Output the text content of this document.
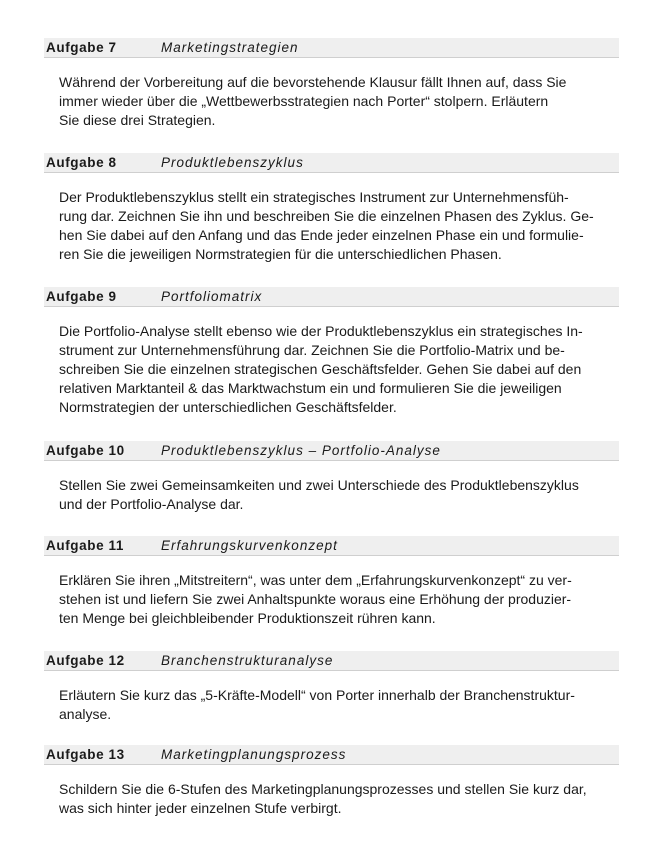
Aufgabe 7	Marketingstrategien
Während der Vorbereitung auf die bevorstehende Klausur fällt Ihnen auf, dass Sie
immer wieder über die „Wettbewerbsstrategien nach Porter“ stolpern. Erläutern
Sie diese drei Strategien.
Aufgabe 8	Produktlebenszyklus
Der Produktlebenszyklus stellt ein strategisches Instrument zur Unternehmensfüh-
rung dar. Zeichnen Sie ihn und beschreiben Sie die einzelnen Phasen des Zyklus. Ge-
hen Sie dabei auf den Anfang und das Ende jeder einzelnen Phase ein und formulie-
ren Sie die jeweiligen Normstrategien für die unterschiedlichen Phasen.
Aufgabe 9	Portfoliomatrix
Die Portfolio-Analyse stellt ebenso wie der Produktlebenszyklus ein strategisches In-
strument zur Unternehmensführung dar. Zeichnen Sie die Portfolio-Matrix und be-
schreiben Sie die einzelnen strategischen Geschäftsfelder. Gehen Sie dabei auf den
relativen Marktanteil & das Marktwachstum ein und formulieren Sie die jeweiligen
Normstrategien der unterschiedlichen Geschäftsfelder.
Aufgabe 10	Produktlebenszyklus – Portfolio-Analyse
Stellen Sie zwei Gemeinsamkeiten und zwei Unterschiede des Produktlebenszyklus
und der Portfolio-Analyse dar.
Aufgabe 11	Erfahrungskurvenkonzept
Erklären Sie ihren „Mitstreitern“, was unter dem „Erfahrungskurvenkonzept“ zu ver-
stehen ist und liefern Sie zwei Anhaltspunkte woraus eine Erhöhung der produzier-
ten Menge bei gleichbleibender Produktionszeit rühren kann.
Aufgabe 12	Branchenstrukturanalyse
Erläutern Sie kurz das „5-Kräfte-Modell“ von Porter innerhalb der Branchenstruktur-
analyse.
Aufgabe 13	Marketingplanungsprozess
Schildern Sie die 6-Stufen des Marketingplanungsprozesses und stellen Sie kurz dar,
was sich hinter jeder einzelnen Stufe verbirgt.
